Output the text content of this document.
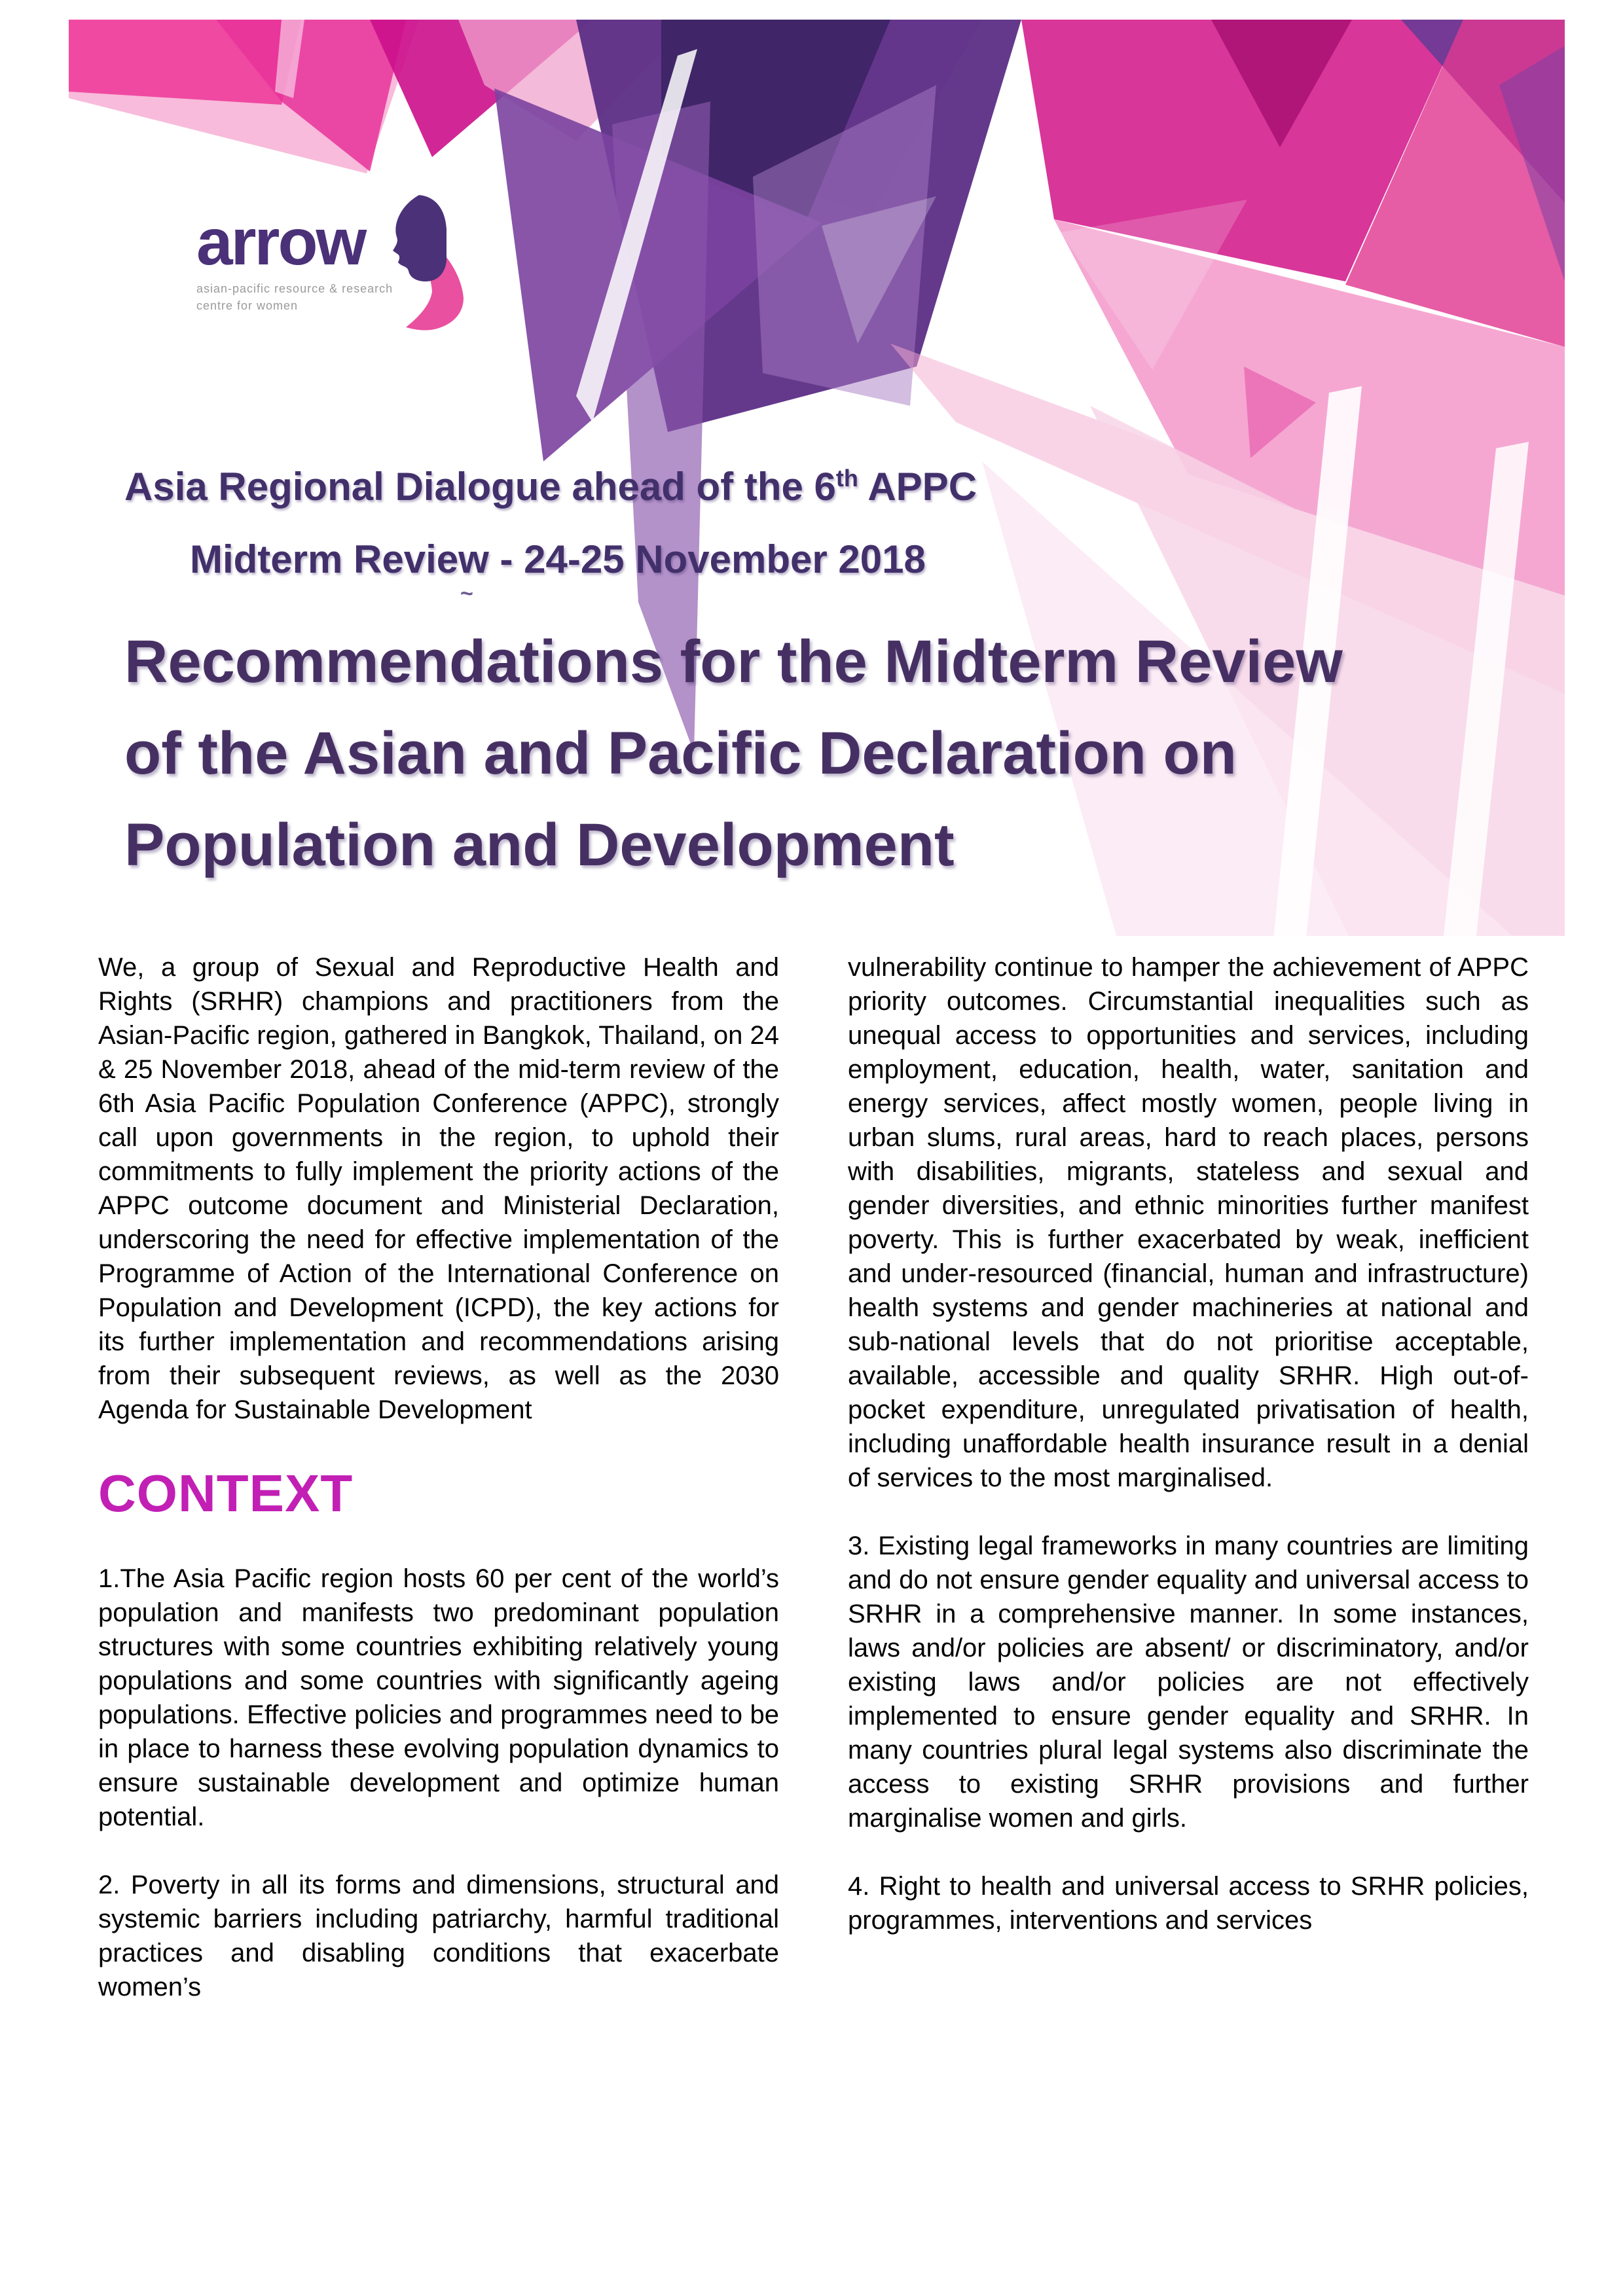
arrow
asian-pacific resource & research
centre for women
Asia Regional Dialogue ahead of the 6th APPC
Midterm Review - 24-25 November 2018
~
Recommendations for the Midterm Review
of the Asian and Pacific Declaration on
Population and Development

We, a group of Sexual and Reproductive Health and Rights (SRHR) champions and practitioners from the Asian-Pacific region, gathered in Bangkok, Thailand, on 24 & 25 November 2018, ahead of the mid-term review of the 6th Asia Pacific Population Conference (APPC), strongly call upon governments in the region, to uphold their commitments to fully implement the priority actions of the APPC outcome document and Ministerial Declaration, underscoring the need for effective implementation of the Programme of Action of the International Conference on Population and Development (ICPD), the key actions for its further implementation and recommendations arising from their subsequent reviews, as well as the 2030 Agenda for Sustainable Development

CONTEXT

1.The Asia Pacific region hosts 60 per cent of the world’s population and manifests two predominant population structures with some countries exhibiting relatively young populations and some countries with significantly ageing populations. Effective policies and programmes need to be in place to harness these evolving population dynamics to ensure sustainable development and optimize human potential.

2. Poverty in all its forms and dimensions, structural and systemic barriers including patriarchy, harmful traditional practices and disabling conditions that exacerbate women’s

vulnerability continue to hamper the achievement of APPC priority outcomes. Circumstantial inequalities such as unequal access to opportunities and services, including employment, education, health, water, sanitation and energy services, affect mostly women, people living in urban slums, rural areas, hard to reach places, persons with disabilities, migrants, stateless and sexual and gender diversities, and ethnic minorities further manifest poverty. This is further exacerbated by weak, inefficient and under-resourced (financial, human and infrastructure) health systems and gender machineries at national and sub-national levels that do not prioritise acceptable, available, accessible and quality SRHR. High out-of-pocket expenditure, unregulated privatisation of health, including unaffordable health insurance result in a denial of services to the most marginalised.

3. Existing legal frameworks in many countries are limiting and do not ensure gender equality and universal access to SRHR in a comprehensive manner. In some instances, laws and/or policies are absent/ or discriminatory, and/or existing laws and/or policies are not effectively implemented to ensure gender equality and SRHR. In many countries plural legal systems also discriminate the access to existing SRHR provisions and further marginalise women and girls.

4. Right to health and universal access to SRHR policies, programmes, interventions and services
